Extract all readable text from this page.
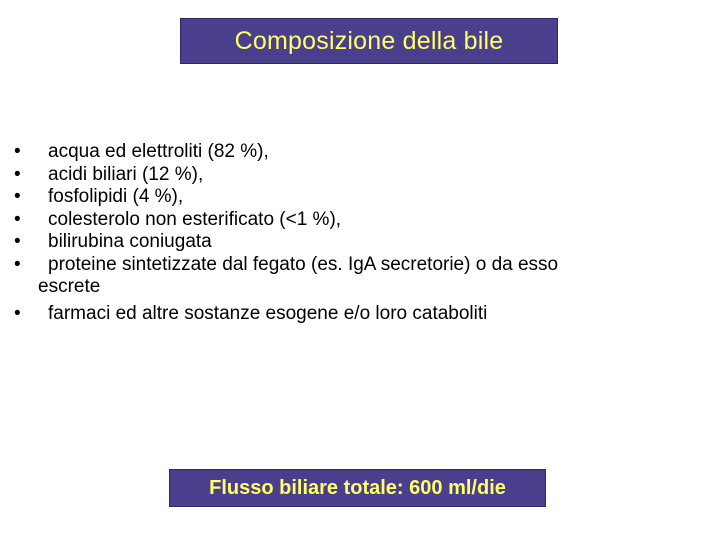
Composizione della bile
• acqua ed elettroliti (82 %),
• acidi biliari (12 %),
• fosfolipidi (4 %),
• colesterolo non esterificato (<1 %),
• bilirubina coniugata
• proteine sintetizzate dal fegato (es. IgA secretorie) o da esso
escrete
• farmaci ed altre sostanze esogene e/o loro cataboliti
Flusso biliare totale: 600 ml/die
